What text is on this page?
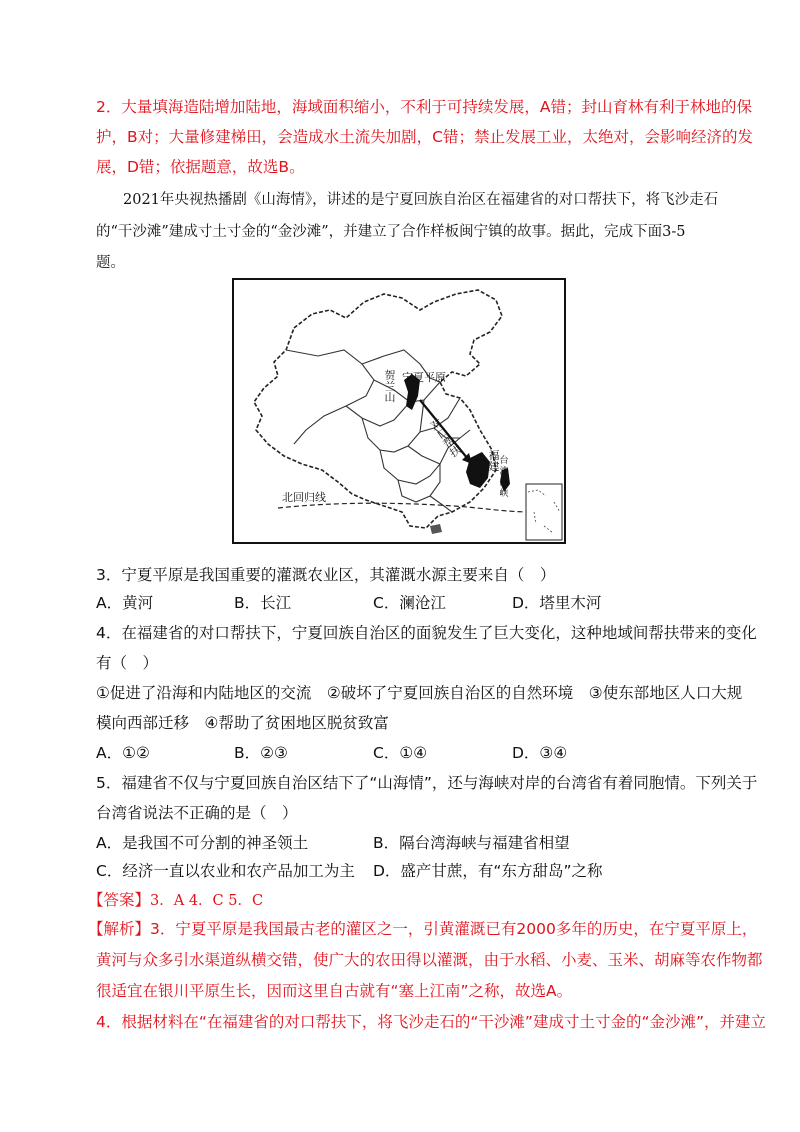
2．大量填海造陆增加陆地，海域面积缩小，不利于可持续发展，A错；封山育林有利于林地的保
护，B对；大量修建梯田，会造成水土流失加剧，C错；禁止发展工业，太绝对，会影响经济的发
展，D错；依据题意，故选B。
2021年央视热播剧《山海情》，讲述的是宁夏回族自治区在福建省的对口帮扶下，将飞沙走石
的“干沙滩”建成寸土寸金的“金沙滩”，并建立了合作样板闽宁镇的故事。据此，完成下面3-5
题。
贺兰山
宁夏平原
对口帮扶 福建 台湾海峡
北回归线
3．宁夏平原是我国重要的灌溉农业区，其灌溉水源主要来自（　）
A．黄河	B．长江	C．澜沧江	D．塔里木河
4．在福建省的对口帮扶下，宁夏回族自治区的面貌发生了巨大变化，这种地域间帮扶带来的变化
有（　）
①促进了沿海和内陆地区的交流　②破坏了宁夏回族自治区的自然环境　③使东部地区人口大规
模向西部迁移　④帮助了贫困地区脱贫致富
A．①②	B．②③	C．①④	D．③④
5．福建省不仅与宁夏回族自治区结下了“山海情”，还与海峡对岸的台湾省有着同胞情。下列关于
台湾省说法不正确的是（　）
A．是我国不可分割的神圣领土	B．隔台湾海峡与福建省相望
C．经济一直以农业和农产品加工为主 D．盛产甘蔗，有“东方甜岛”之称
【答案】3．A 4．C 5．C
【解析】3．宁夏平原是我国最古老的灌区之一，引黄灌溉已有2000多年的历史，在宁夏平原上，
黄河与众多引水渠道纵横交错，使广大的农田得以灌溉，由于水稻、小麦、玉米、胡麻等农作物都
很适宜在银川平原生长，因而这里自古就有“塞上江南”之称，故选A。
4．根据材料在“在福建省的对口帮扶下，将飞沙走石的“干沙滩”建成寸土寸金的“金沙滩”，并建立
